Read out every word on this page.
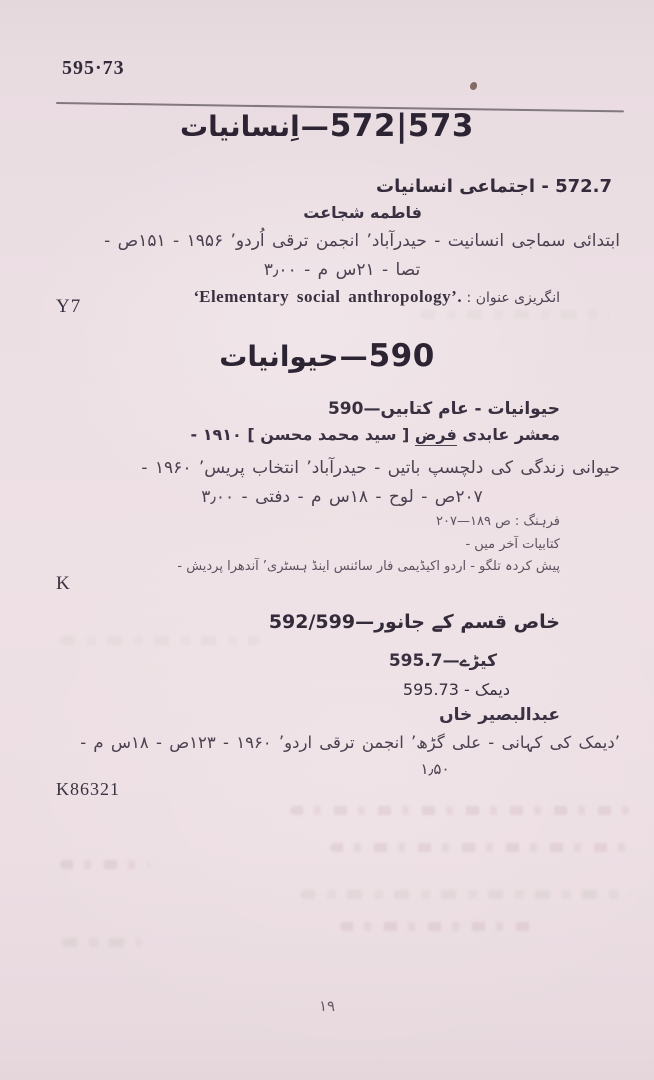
595·73
572|573
—
اِنسانیات
572.7 - اجتماعی انسانیات
فاطمه شجاعت
ابتدائی سماجی انسانیت - حیدرآباد’ انجمن ترقی اُردو’ ۱۹۵۶ - ۱۵۱ص -
تصا - ۲۱س م - ۳٫۰۰
انگریزی عنوان : ‘Elementary social anthropology’.
Y7
590
—
حیوانیات
حیوانیات - عام کتابیں—590
معشر عابدی فرض [ سید محمد محسن ] ۱۹۱۰ -
حیوانی زندگی کی دلچسپ باتیں - حیدرآباد’ انتخاب پریس’ ۱۹۶۰ -
۲۰۷ص - لوح - ۱۸س م - دفتی - ۳٫۰۰
فرہنگ : ص ۱۸۹—۲۰۷
کتابیات آخر میں -
پیش کردہ تلگو - اردو اکیڈیمی فار سائنس اینڈ ہسٹری’ آندھرا پردیش -
K
خاص قسم کے جانور—592/599
کیڑے—595.7
دیمک - 595.73
عبدالبصیر خاں
’دیمک کی کہانی - علی گڑھ’ انجمن ترقی اردو’ ۱۹۶۰ - ۱۲۳ص - ۱۸س م -
۱٫۵۰
K86321
۱۹
